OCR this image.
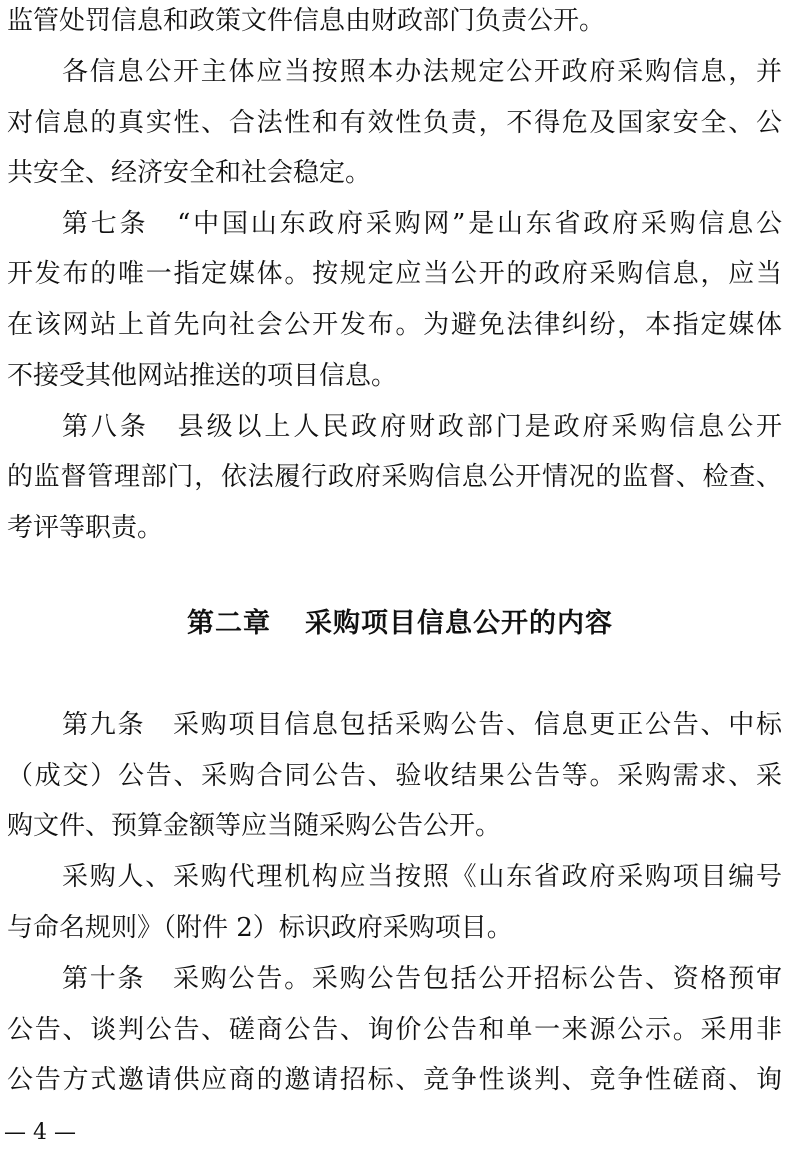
监管处罚信息和政策文件信息由财政部门负责公开。
各信息公开主体应当按照本办法规定公开政府采购信息，并
对信息的真实性、合法性和有效性负责，不得危及国家安全、公
共安全、经济安全和社会稳定。
第七条　“中国山东政府采购网”是山东省政府采购信息公
开发布的唯一指定媒体。按规定应当公开的政府采购信息，应当
在该网站上首先向社会公开发布。为避免法律纠纷，本指定媒体
不接受其他网站推送的项目信息。
第八条　县级以上人民政府财政部门是政府采购信息公开
的监督管理部门，依法履行政府采购信息公开情况的监督、检查、
考评等职责。
第二章 采购项目信息公开的内容
第九条　采购项目信息包括采购公告、信息更正公告、中标
（成交）公告、采购合同公告、验收结果公告等。采购需求、采
购文件、预算金额等应当随采购公告公开。
采购人、采购代理机构应当按照《山东省政府采购项目编号
与命名规则》（附件 2）标识政府采购项目。
第十条　采购公告。采购公告包括公开招标公告、资格预审
公告、谈判公告、磋商公告、询价公告和单一来源公示。采用非
公告方式邀请供应商的邀请招标、竞争性谈判、竞争性磋商、询
— 4 —
